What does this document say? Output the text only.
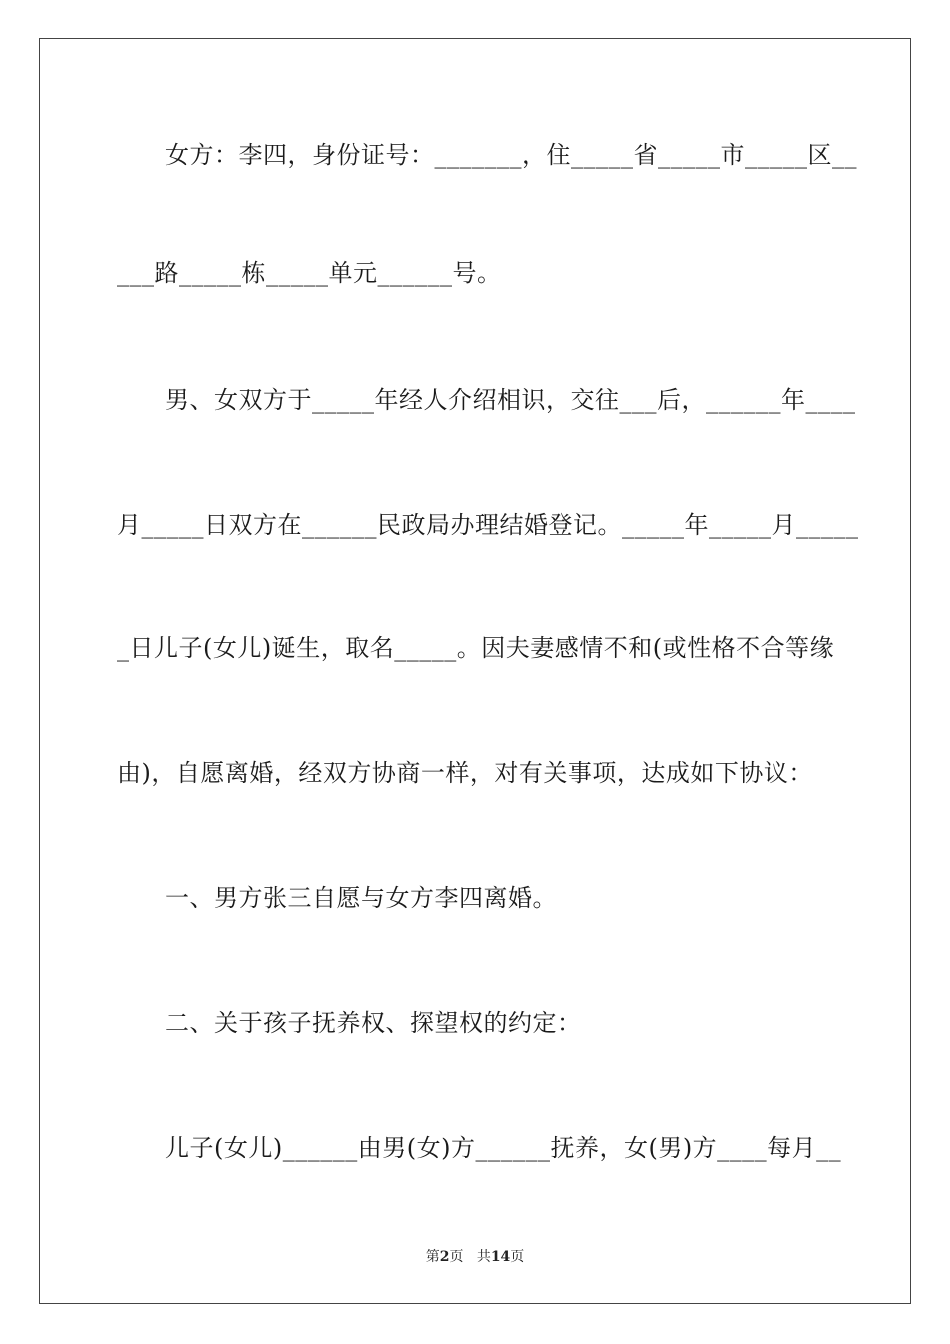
女方：李四，身份证号：_______，住_____省_____市_____区__
___路_____栋_____单元______号。
男、女双方于_____年经人介绍相识，交往___后，______年____
月_____日双方在______民政局办理结婚登记。_____年_____月_____
_日儿子(女儿)诞生，取名_____。因夫妻感情不和(或性格不合等缘
由)，自愿离婚，经双方协商一样，对有关事项，达成如下协议：
一、男方张三自愿与女方李四离婚。
二、关于孩子抚养权、探望权的约定：
儿子(女儿)______由男(女)方______抚养，女(男)方____每月__
第2页 共14页
